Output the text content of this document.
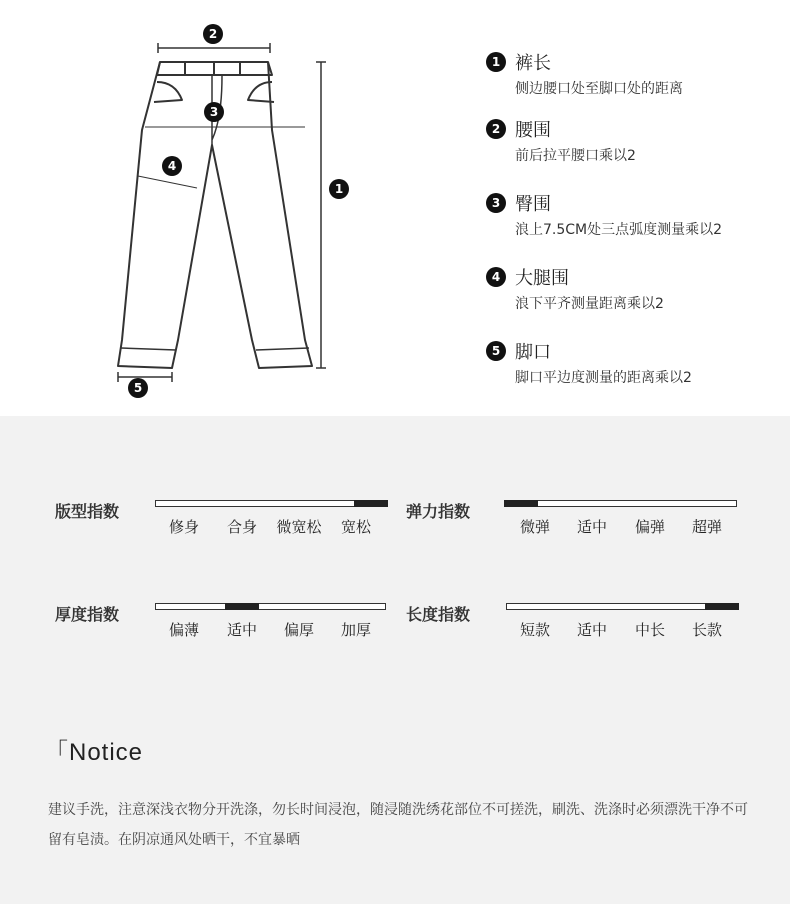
2
3
4
1
5
1 裤长
侧边腰口处至脚口处的距离
2 腰围
前后拉平腰口乘以2
3 臀围
浪上7.5CM处三点弧度测量乘以2
4 大腿围
浪下平齐测量距离乘以2
5 脚口
脚口平边度测量的距离乘以2
版型指数
修身	合身	微宽松	宽松
弹力指数
微弹	适中	偏弹	超弹
厚度指数
偏薄	适中	偏厚	加厚
长度指数
短款	适中	中长	长款
「Notice
建议手洗，注意深浅衣物分开洗涤，勿长时间浸泡，随浸随洗绣花部位不可搓洗，刷洗、洗涤时必须漂洗干净不可留有皂渍。在阴凉通风处晒干，不宜暴晒
